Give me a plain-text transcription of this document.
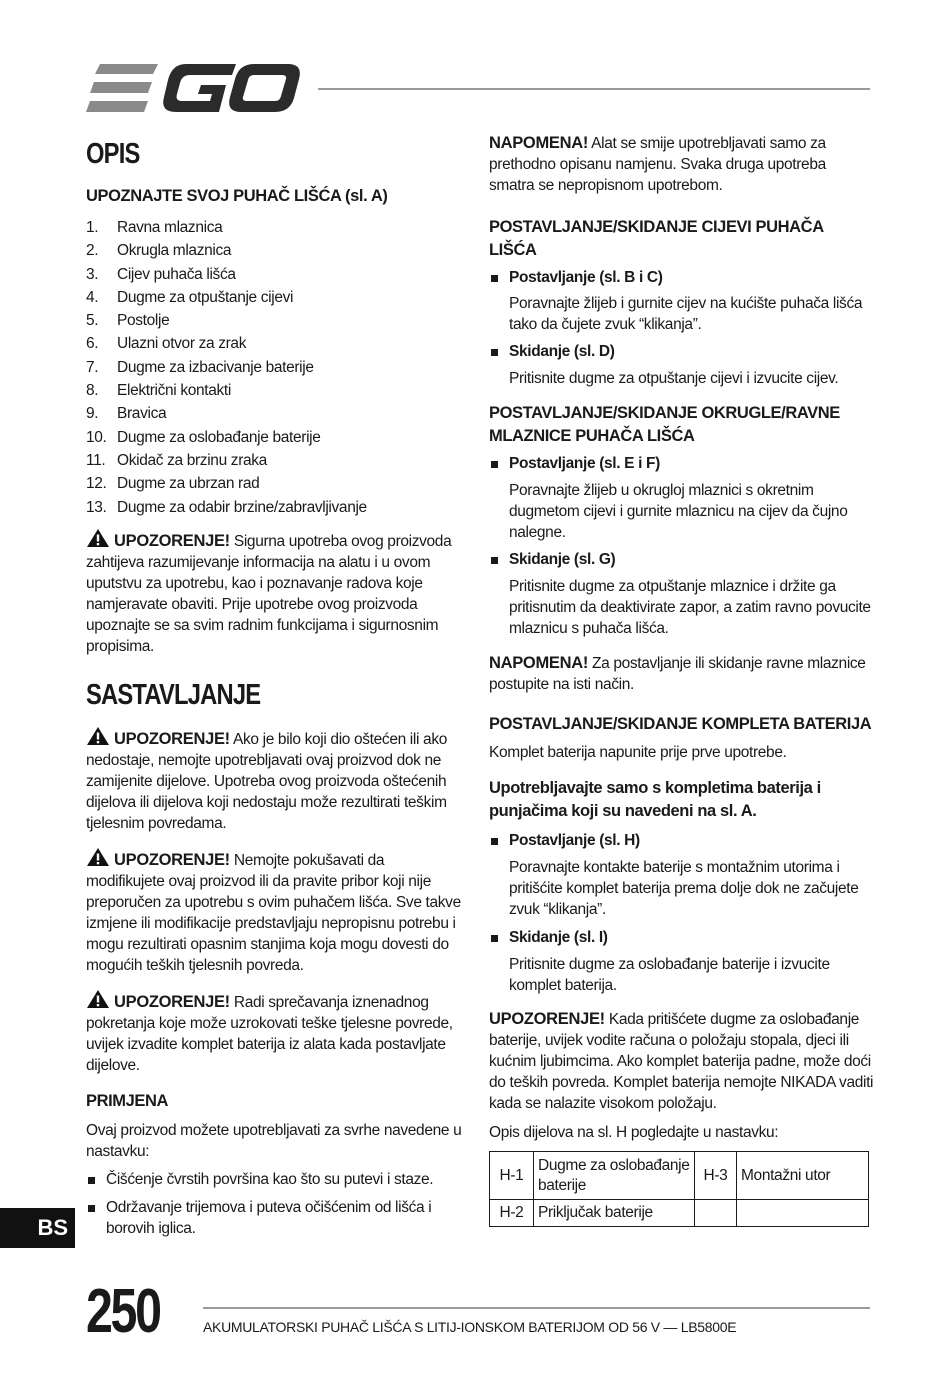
OPIS
UPOZNAJTE SVOJ PUHAČ LIŠĆA (sl. A)
1.	Ravna mlaznica
2.	Okrugla mlaznica
3.	Cijev puhača lišća
4.	Dugme za otpuštanje cijevi
5.	Postolje
6.	Ulazni otvor za zrak
7.	Dugme za izbacivanje baterije
8.	Električni kontakti
9.	Bravica
10. Dugme za oslobađanje baterije
11. Okidač za brzinu zraka
12. Dugme za ubrzan rad
13. Dugme za odabir brzine/zabravljivanje

UPOZORENJE! Sigurna upotreba ovog proizvoda zahtijeva razumijevanje informacija na alatu i u ovom uputstvu za upotrebu, kao i poznavanje radova koje namjeravate obaviti. Prije upotrebe ovog proizvoda upoznajte se sa svim radnim funkcijama i sigurnosnim propisima.

SASTAVLJANJE

UPOZORENJE! Ako je bilo koji dio oštećen ili ako nedostaje, nemojte upotrebljavati ovaj proizvod dok ne zamijenite dijelove. Upotreba ovog proizvoda oštećenih dijelova ili dijelova koji nedostaju može rezultirati teškim tjelesnim povredama.

UPOZORENJE! Nemojte pokušavati da modifikujete ovaj proizvod ili da pravite pribor koji nije preporučen za upotrebu s ovim puhačem lišća. Sve takve izmjene ili modifikacije predstavljaju nepropisnu potrebu i mogu rezultirati opasnim stanjima koja mogu dovesti do mogućih teških tjelesnih povreda.

UPOZORENJE! Radi sprečavanja iznenadnog pokretanja koje može uzrokovati teške tjelesne povrede, uvijek izvadite komplet baterija iz alata kada postavljate dijelove.

PRIMJENA

Ovaj proizvod možete upotrebljavati za svrhe navedene u nastavku:

Čišćenje čvrstih površina kao što su putevi i staze.
Održavanje trijemova i puteva očišćenim od lišća i borovih iglica.

NAPOMENA! Alat se smije upotrebljavati samo za prethodno opisanu namjenu. Svaka druga upotreba smatra se nepropisnom upotrebom.

POSTAVLJANJE/SKIDANJE CIJEVI PUHAČA LIŠĆA
Postavljanje (sl. B i C)

Poravnajte žlijeb i gurnite cijev na kućište puhača lišća tako da čujete zvuk “klikanja”.

Skidanje (sl. D)

Pritisnite dugme za otpuštanje cijevi i izvucite cijev.

POSTAVLJANJE/SKIDANJE OKRUGLE/RAVNE MLAZNICE PUHAČA LIŠĆA
Postavljanje (sl. E i F)

Poravnajte žlijeb u okrugloj mlaznici s okretnim dugmetom cijevi i gurnite mlaznicu na cijev da čujno nalegne.

Skidanje (sl. G)

Pritisnite dugme za otpuštanje mlaznice i držite ga pritisnutim da deaktivirate zapor, a zatim ravno povucite mlaznicu s puhača lišća.

NAPOMENA! Za postavljanje ili skidanje ravne mlaznice postupite na isti način.

POSTAVLJANJE/SKIDANJE KOMPLETA BATERIJA

Komplet baterija napunite prije prve upotrebe.

Upotrebljavajte samo s kompletima baterija i punjačima koji su navedeni na sl. A.

Postavljanje (sl. H)

Poravnajte kontakte baterije s montažnim utorima i pritišćite komplet baterija prema dolje dok ne začujete zvuk “klikanja”.

Skidanje (sl. I)

Pritisnite dugme za oslobađanje baterije i izvucite komplet baterija.

UPOZORENJE! Kada pritišćete dugme za oslobađanje baterije, uvijek vodite računa o položaju stopala, djeci ili kućnim ljubimcima. Ako komplet baterija padne, može doći do teških povreda. Komplet baterija nemojte NIKADA vaditi kada se nalazite visokom položaju.

Opis dijelova na sl. H pogledajte u nastavku:

H-1	Dugme za oslobađanje baterije	H-3	Montažni utor
H-2	Priključak baterije		
BS
250	AKUMULATORSKI PUHAČ LIŠĆA S LITIJ-IONSKOM BATERIJOM OD 56 V — LB5800E
